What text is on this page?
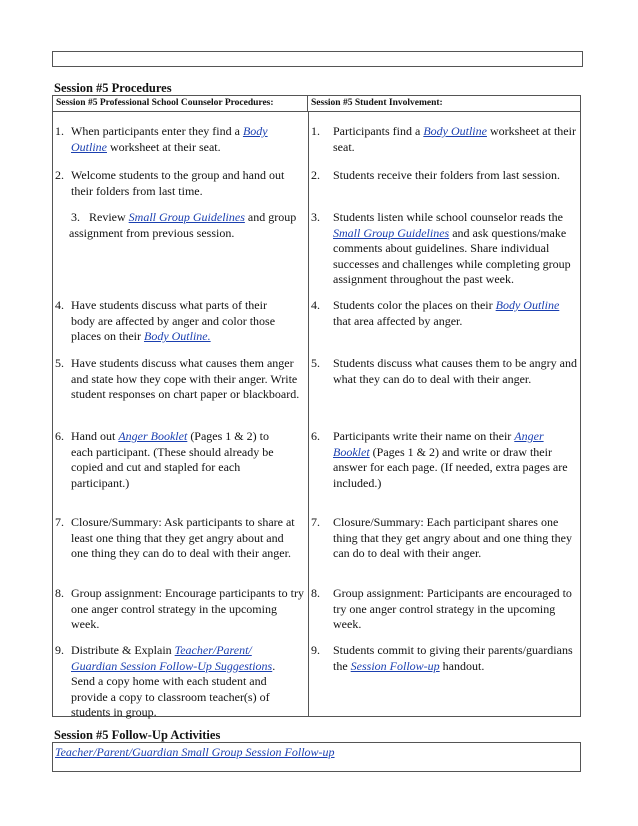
Session #5 Procedures
Session #5 Professional School Counselor Procedures:	Session #5 Student Involvement:
1. When participants enter they find a Body Outline worksheet at their seat.
2. Welcome students to the group and hand out their folders from last time.
3. Review Small Group Guidelines and group assignment from previous session.
4. Have students discuss what parts of their body are affected by anger and color those places on their Body Outline.
5. Have students discuss what causes them anger and state how they cope with their anger. Write student responses on chart paper or blackboard.
6. Hand out Anger Booklet (Pages 1 & 2) to each participant. (These should already be copied and cut and stapled for each participant.)
7. Closure/Summary: Ask participants to share at least one thing that they get angry about and one thing they can do to deal with their anger.
8. Group assignment: Encourage participants to try one anger control strategy in the upcoming week.
9. Distribute & Explain Teacher/Parent/ Guardian Session Follow-Up Suggestions. Send a copy home with each student and provide a copy to classroom teacher(s) of students in group.
1. Participants find a Body Outline worksheet at their seat.
2. Students receive their folders from last session.
3. Students listen while school counselor reads the Small Group Guidelines and ask questions/make comments about guidelines. Share individual successes and challenges while completing group assignment throughout the past week.
4. Students color the places on their Body Outline that area affected by anger.
5. Students discuss what causes them to be angry and what they can do to deal with their anger.
6. Participants write their name on their Anger Booklet (Pages 1 & 2) and write or draw their answer for each page. (If needed, extra pages are included.)
7. Closure/Summary: Each participant shares one thing that they get angry about and one thing they can do to deal with their anger.
8. Group assignment: Participants are encouraged to try one anger control strategy in the upcoming week.
9. Students commit to giving their parents/guardians the Session Follow-up handout.
Session #5 Follow-Up Activities
Teacher/Parent/Guardian Small Group Session Follow-up
